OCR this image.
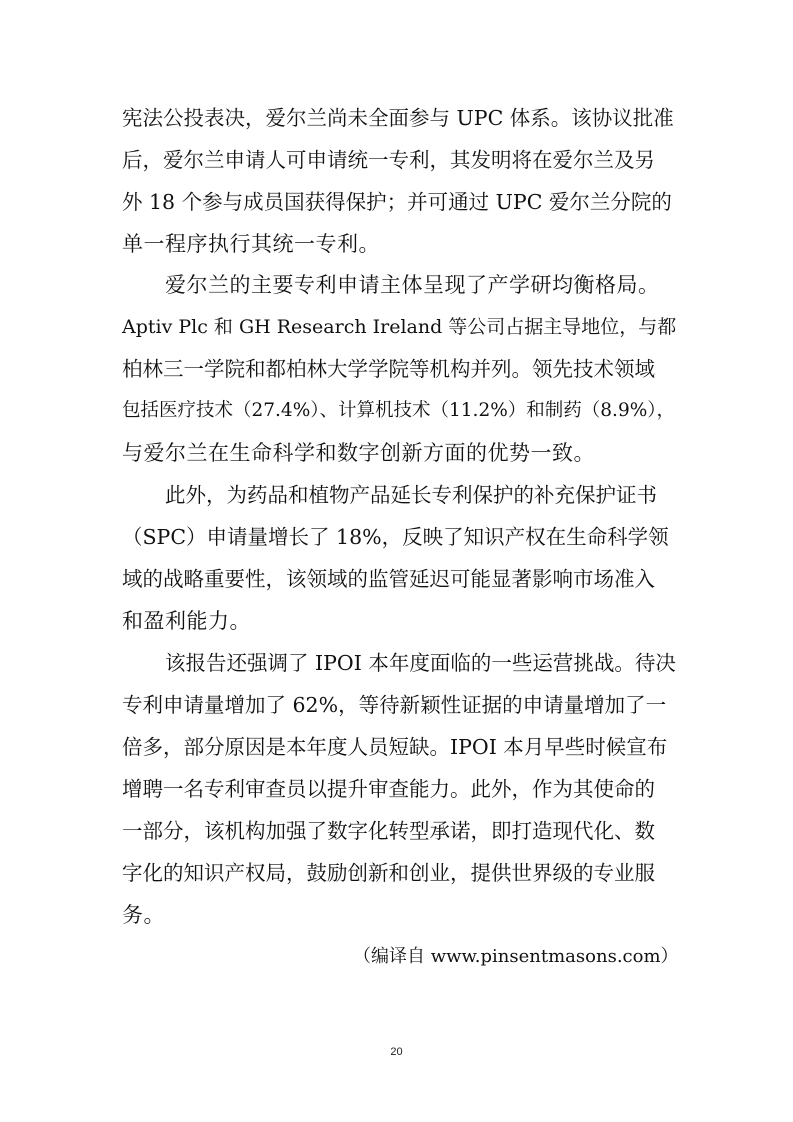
宪法公投表决，爱尔兰尚未全面参与 UPC 体系。该协议批准
后，爱尔兰申请人可申请统一专利，其发明将在爱尔兰及另
外 18 个参与成员国获得保护；并可通过 UPC 爱尔兰分院的
单一程序执行其统一专利。
爱尔兰的主要专利申请主体呈现了产学研均衡格局。
Aptiv Plc 和 GH Research Ireland 等公司占据主导地位，与都
柏林三一学院和都柏林大学学院等机构并列。领先技术领域
包括医疗技术（27.4%）、计算机技术（11.2%）和制药（8.9%），
与爱尔兰在生命科学和数字创新方面的优势一致。
此外，为药品和植物产品延长专利保护的补充保护证书
（SPC）申请量增长了 18%，反映了知识产权在生命科学领
域的战略重要性，该领域的监管延迟可能显著影响市场准入
和盈利能力。
该报告还强调了 IPOI 本年度面临的一些运营挑战。待决
专利申请量增加了 62%，等待新颖性证据的申请量增加了一
倍多，部分原因是本年度人员短缺。IPOI 本月早些时候宣布
增聘一名专利审查员以提升审查能力。此外，作为其使命的
一部分，该机构加强了数字化转型承诺，即打造现代化、数
字化的知识产权局，鼓励创新和创业，提供世界级的专业服
务。
（编译自 www.pinsentmasons.com）
20
